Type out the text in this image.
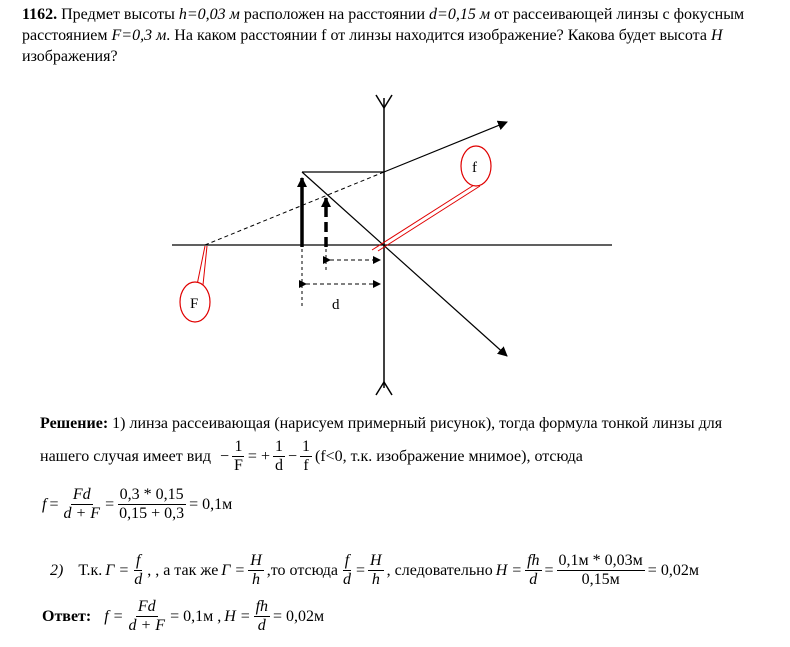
1162. Предмет высоты h=0,03 м расположен на расстоянии d=0,15 м от рассеивающей линзы с фокусным расстоянием F=0,3 м. На каком расстоянии f от линзы находится изображение? Какова будет высота H изображения?
f
F	d
Решение: 1) линза рассеивающая (нарисуем примерный рисунок), тогда формула тонкой линзы для
нашего случая имеет вид − $\frac{1}{F}$ = + $\frac{1}{d} - \frac{1}{f} (f<0$, т.к. изображение мнимое), отсюда
$f = \frac{Fd}{d + F} = \frac{0,3 * 0,15}{0,15 + 0,3} = 0,1м$
2) Т.к. $Г = \frac{f}{d}$ , , а так же $Г = \frac{H}{h} ,то$ отсюда $\frac{f}{d} = \frac{H}{h}$ , следовательно $H = \frac{fh}{d} = \frac{0,1м * 0,03м}{0,15м} = 0,02м$
Ответ: $f = \frac{Fd}{d + F} = 0,1м$ , $H = \frac{fh}{d} = 0,02м$
